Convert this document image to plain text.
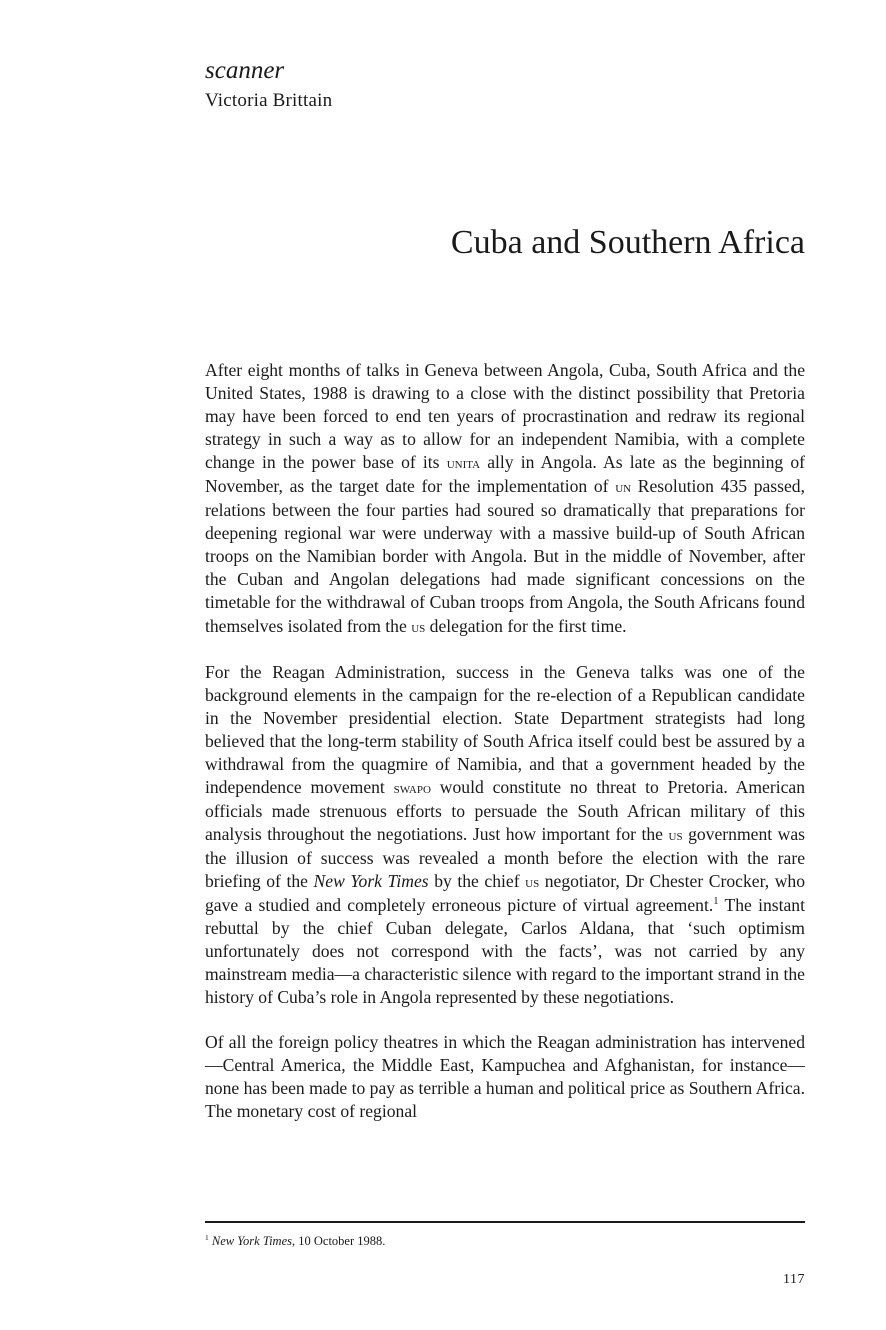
scanner
Victoria Brittain
Cuba and Southern Africa

After eight months of talks in Geneva between Angola, Cuba, South Africa and the United States, 1988 is drawing to a close with the distinct possibility that Pretoria may have been forced to end ten years of procrastination and redraw its regional strategy in such a way as to allow for an independent Namibia, with a complete change in the power base of its unita ally in Angola. As late as the beginning of November, as the target date for the implementation of un Resolution 435 passed, relations between the four parties had soured so dramatically that preparations for deepening regional war were underway with a massive build-up of South African troops on the Namibian border with Angola. But in the middle of November, after the Cuban and Angolan delegations had made significant concessions on the timetable for the withdrawal of Cuban troops from Angola, the South Africans found themselves isolated from the us delegation for the first time.

For the Reagan Administration, success in the Geneva talks was one of the background elements in the campaign for the re-election of a Republican candidate in the November presidential election. State Department strategists had long believed that the long-term stability of South Africa itself could best be assured by a withdrawal from the quagmire of Namibia, and that a government headed by the independence movement swapo would constitute no threat to Pretoria. American officials made strenuous efforts to persuade the South African military of this analysis throughout the negotiations. Just how important for the us government was the illusion of success was revealed a month before the election with the rare briefing of the New York Times by the chief us negotiator, Dr Chester Crocker, who gave a studied and completely erroneous picture of virtual agreement.$^1$ The instant rebuttal by the chief Cuban delegate, Carlos Aldana, that ‘such optimism unfortunately does not correspond with the facts’, was not carried by any mainstream media—a characteristic silence with regard to the important strand in the history of Cuba’s role in Angola represented by these negotiations.

Of all the foreign policy theatres in which the Reagan administration has intervened—Central America, the Middle East, Kampuchea and Afghanistan, for instance—none has been made to pay as terrible a human and political price as Southern Africa. The monetary cost of regional

$^1$ New York Times, 10 October 1988.
117
